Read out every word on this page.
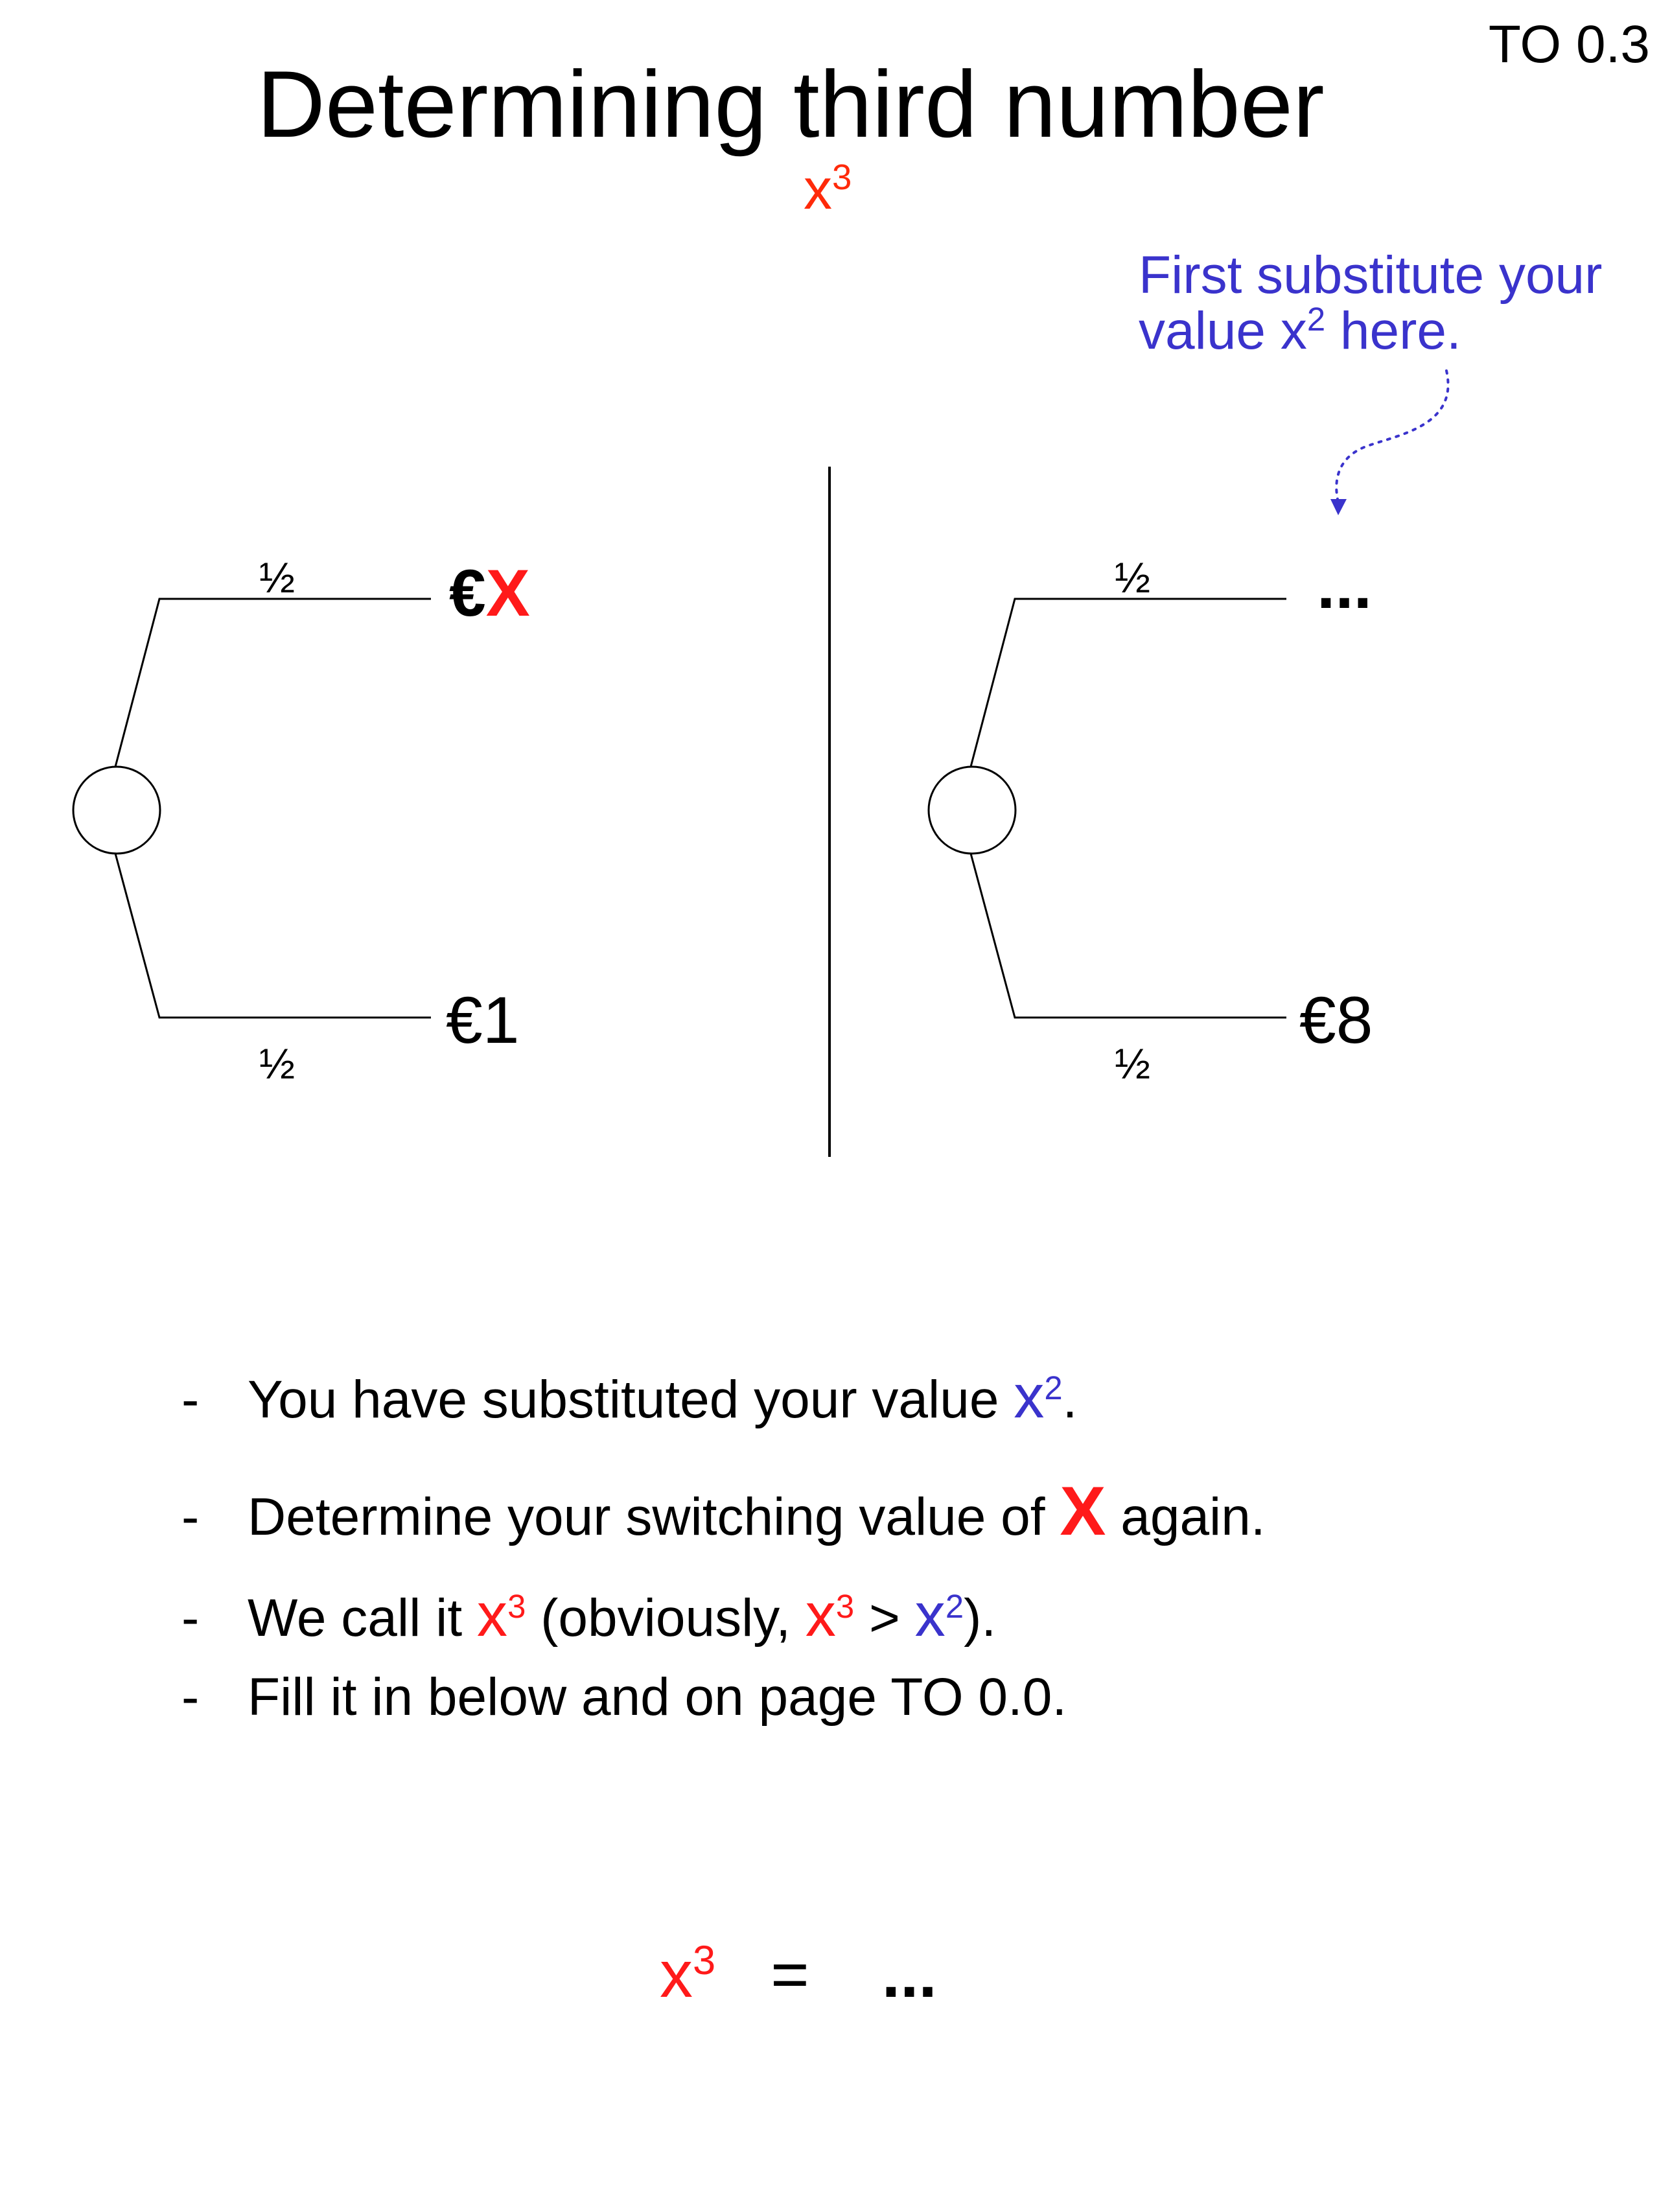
TO 0.3
Determining third number
$x^3$
First substitute your
value $x^2$ here.
½ €X
½
€1
½	...
½
€8
- You have substituted your value $x^2$.
- Determine your switching value of X again.
- We call it $x^3$ (obviously, $x^3 > x^2$).
- Fill it in below and on page TO 0.0.
$x^3$ = ...
